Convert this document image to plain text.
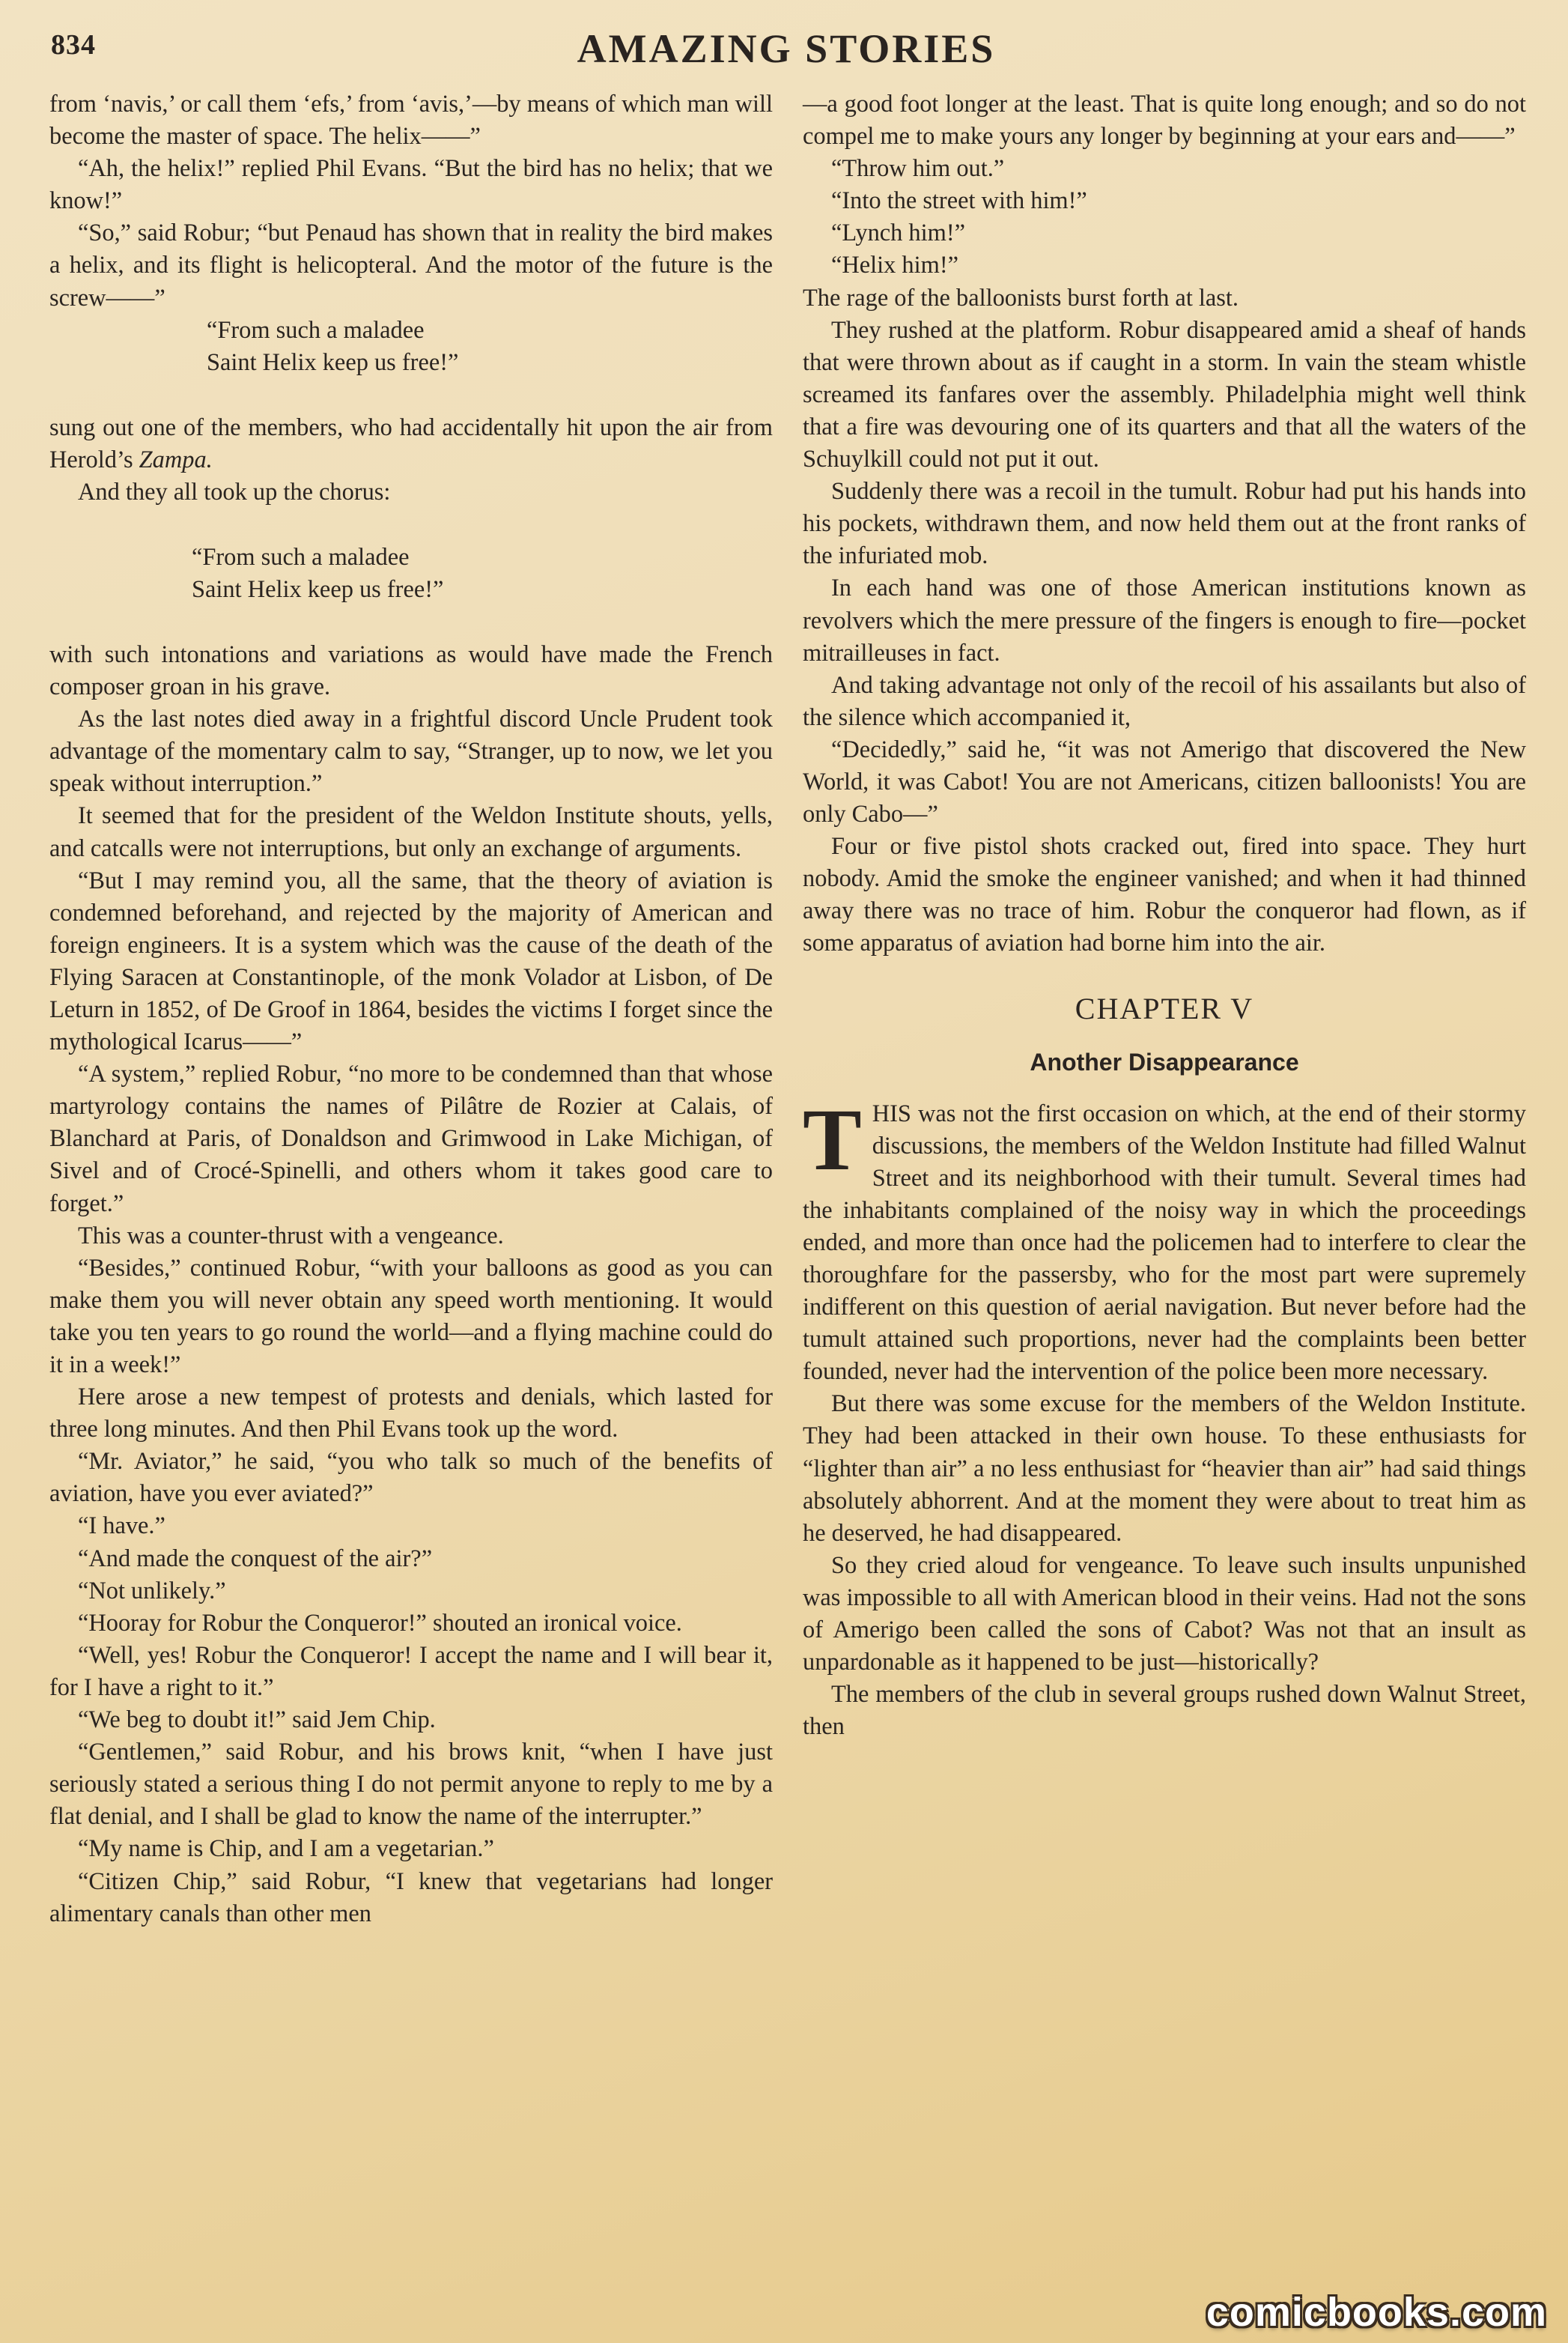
834	AMAZING STORIES

from ‘navis,’ or call them ‘efs,’ from ‘avis,’—by means of which man will become the master of space. The helix——”

“Ah, the helix!” replied Phil Evans. “But the bird has no helix; that we know!”

“So,” said Robur; “but Penaud has shown that in reality the bird makes a helix, and its flight is helicopteral. And the motor of the future is the screw——”

“From such a maladee
Saint Helix keep us free!”

sung out one of the members, who had accidentally hit upon the air from Herold’s Zampa.

And they all took up the chorus:

“From such a maladee
Saint Helix keep us free!”

with such intonations and variations as would have made the French composer groan in his grave.

As the last notes died away in a frightful discord Uncle Prudent took advantage of the momentary calm to say, “Stranger, up to now, we let you speak without interruption.”

It seemed that for the president of the Weldon Institute shouts, yells, and catcalls were not interruptions, but only an exchange of arguments.

“But I may remind you, all the same, that the theory of aviation is condemned beforehand, and rejected by the majority of American and foreign engineers. It is a system which was the cause of the death of the Flying Saracen at Constantinople, of the monk Volador at Lisbon, of De Leturn in 1852, of De Groof in 1864, besides the victims I forget since the mythological Icarus——”

“A system,” replied Robur, “no more to be condemned than that whose martyrology contains the names of Pilâtre de Rozier at Calais, of Blanchard at Paris, of Donaldson and Grimwood in Lake Michigan, of Sivel and of Crocé-Spinelli, and others whom it takes good care to forget.”

This was a counter-thrust with a vengeance.

“Besides,” continued Robur, “with your balloons as good as you can make them you will never obtain any speed worth mentioning. It would take you ten years to go round the world—and a flying machine could do it in a week!”

Here arose a new tempest of protests and denials, which lasted for three long minutes. And then Phil Evans took up the word.

“Mr. Aviator,” he said, “you who talk so much of the benefits of aviation, have you ever aviated?”

“I have.”

“And made the conquest of the air?”

“Not unlikely.”

“Hooray for Robur the Conqueror!” shouted an ironical voice.

“Well, yes! Robur the Conqueror! I accept the name and I will bear it, for I have a right to it.”

“We beg to doubt it!” said Jem Chip.

“Gentlemen,” said Robur, and his brows knit, “when I have just seriously stated a serious thing I do not permit anyone to reply to me by a flat denial, and I shall be glad to know the name of the interrupter.”

“My name is Chip, and I am a vegetarian.”

“Citizen Chip,” said Robur, “I knew that vegetarians had longer alimentary canals than other men

—a good foot longer at the least. That is quite long enough; and so do not compel me to make yours any longer by beginning at your ears and——”

“Throw him out.”

“Into the street with him!”

“Lynch him!”

“Helix him!”

The rage of the balloonists burst forth at last.

They rushed at the platform. Robur disappeared amid a sheaf of hands that were thrown about as if caught in a storm. In vain the steam whistle screamed its fanfares over the assembly. Philadelphia might well think that a fire was devouring one of its quarters and that all the waters of the Schuylkill could not put it out.

Suddenly there was a recoil in the tumult. Robur had put his hands into his pockets, withdrawn them, and now held them out at the front ranks of the infuriated mob.

In each hand was one of those American institutions known as revolvers which the mere pressure of the fingers is enough to fire—pocket mitrailleuses in fact.

And taking advantage not only of the recoil of his assailants but also of the silence which accompanied it,

“Decidedly,” said he, “it was not Amerigo that discovered the New World, it was Cabot! You are not Americans, citizen balloonists! You are only Cabo—”

Four or five pistol shots cracked out, fired into space. They hurt nobody. Amid the smoke the engineer vanished; and when it had thinned away there was no trace of him. Robur the conqueror had flown, as if some apparatus of aviation had borne him into the air.

CHAPTER V
Another Disappearance

THIS was not the first occasion on which, at the end of their stormy discussions, the members of the Weldon Institute had filled Walnut Street and its neighborhood with their tumult. Several times had the inhabitants complained of the noisy way in which the proceedings ended, and more than once had the policemen had to interfere to clear the thoroughfare for the passersby, who for the most part were supremely indifferent on this question of aerial navigation. But never before had the tumult attained such proportions, never had the complaints been better founded, never had the intervention of the police been more necessary.

But there was some excuse for the members of the Weldon Institute. They had been attacked in their own house. To these enthusiasts for “lighter than air” a no less enthusiast for “heavier than air” had said things absolutely abhorrent. And at the moment they were about to treat him as he deserved, he had disappeared.

So they cried aloud for vengeance. To leave such insults unpunished was impossible to all with American blood in their veins. Had not the sons of Amerigo been called the sons of Cabot? Was not that an insult as unpardonable as it happened to be just—historically?

The members of the club in several groups rushed down Walnut Street, then

comicbooks.com
